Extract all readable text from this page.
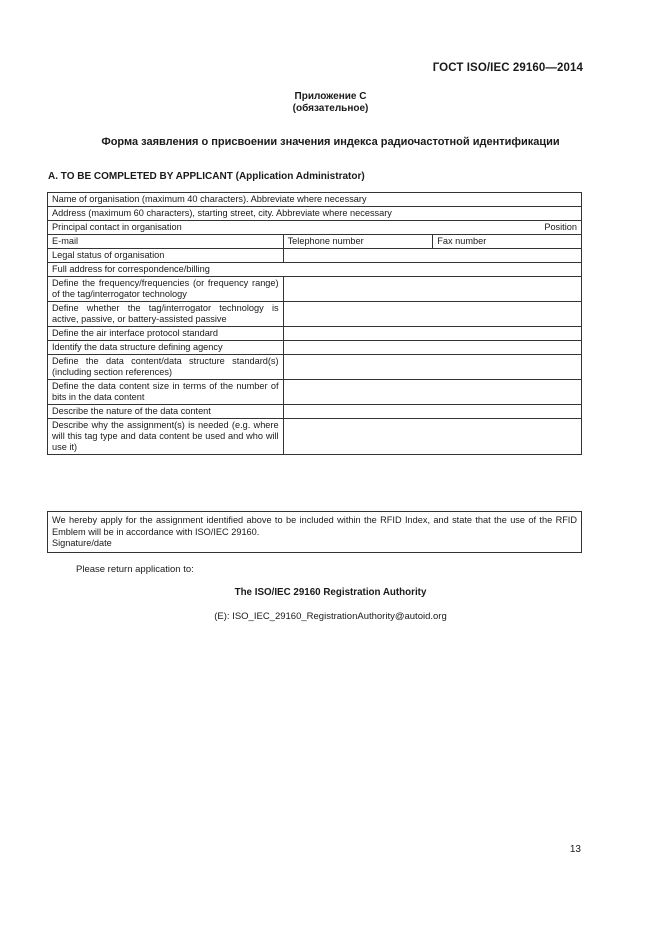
ГОСТ ISO/IEC 29160—2014
Приложение C
(обязательное)
Форма заявления о присвоении значения индекса радиочастотной идентификации
A. TO BE COMPLETED BY APPLICANT (Application Administrator)
Name of organisation (maximum 40 characters). Abbreviate where necessary		
Address (maximum 60 characters), starting street, city. Abbreviate where necessary		
Principal contact in organisation Position		

E-mail	Telephone number	Fax number
Legal status of organisation		
Full address for correspondence/billing		
Define the frequency/frequencies (or frequency range) of the tag/interrogator technology		
Define whether the tag/interrogator technology is active, passive, or battery-assisted passive		
Define the air interface protocol standard		
Identify the data structure defining agency		
Define the data content/data structure standard(s) (including section references)		
Define the data content size in terms of the number of bits in the data content		
Describe the nature of the data content		
Describe why the assignment(s) is needed (e.g. where will this tag type and data content be used and who will use it)		
We hereby apply for the assignment identified above to be included within the RFID Index, and state that the use of the RFID Emblem will be in accordance with ISO/IEC 29160.
Signature/date
Please return application to:
The ISO/IEC 29160 Registration Authority
(E): ISO_IEC_29160_RegistrationAuthority@autoid.org
13
